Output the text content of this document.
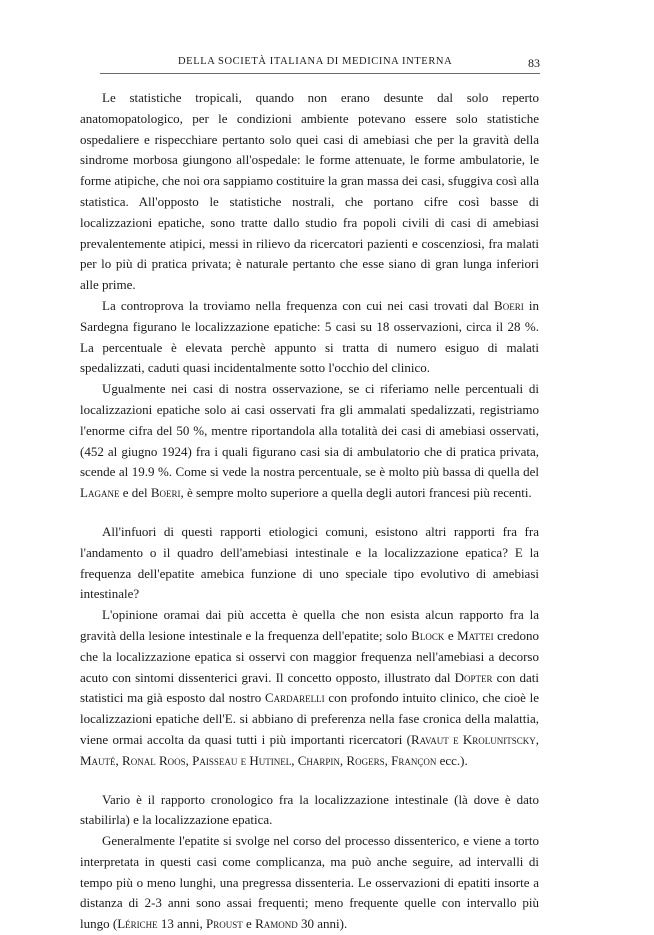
DELLA SOCIETÀ ITALIANA DI MEDICINA INTERNA	83

Le statistiche tropicali, quando non erano desunte dal solo reperto anatomopatologico, per le condizioni ambiente potevano essere solo statistiche ospedaliere e rispecchiare pertanto solo quei casi di amebiasi che per la gravità della sindrome morbosa giungono all'ospedale: le forme attenuate, le forme ambulatorie, le forme atipiche, che noi ora sappiamo costituire la gran massa dei casi, sfuggiva così alla statistica. All'opposto le statistiche nostrali, che portano cifre così basse di localizzazioni epatiche, sono tratte dallo studio fra popoli civili di casi di amebiasi prevalentemente atipici, messi in rilievo da ricercatori pazienti e coscenziosi, fra malati per lo più di pratica privata; è naturale pertanto che esse siano di gran lunga inferiori alle prime.

La controprova la troviamo nella frequenza con cui nei casi trovati dal Boeri in Sardegna figurano le localizzazione epatiche: 5 casi su 18 osservazioni, circa il 28 %. La percentuale è elevata perchè appunto si tratta di numero esiguo di malati spedalizzati, caduti quasi incidentalmente sotto l'occhio del clinico.

Ugualmente nei casi di nostra osservazione, se ci riferiamo nelle percentuali di localizzazioni epatiche solo ai casi osservati fra gli ammalati spedalizzati, registriamo l'enorme cifra del 50 %, mentre riportandola alla totalità dei casi di amebiasi osservati, (452 al giugno 1924) fra i quali figurano casi sia di ambulatorio che di pratica privata, scende al 19.9 %. Come si vede la nostra percentuale, se è molto più bassa di quella del Lagane e del Boeri, è sempre molto superiore a quella degli autori francesi più recenti.

All'infuori di questi rapporti etiologici comuni, esistono altri rapporti fra fra l'andamento o il quadro dell'amebiasi intestinale e la localizzazione epatica? E la frequenza dell'epatite amebica funzione di uno speciale tipo evolutivo di amebiasi intestinale?

L'opinione oramai dai più accetta è quella che non esista alcun rapporto fra la gravità della lesione intestinale e la frequenza dell'epatite; solo Block e Mattei credono che la localizzazione epatica si osservi con maggior frequenza nell'amebiasi a decorso acuto con sintomi dissenterici gravi. Il concetto opposto, illustrato dal Dopter con dati statistici ma già esposto dal nostro Cardarelli con profondo intuito clinico, che cioè le localizzazioni epatiche dell'E. si abbiano di preferenza nella fase cronica della malattia, viene ormai accolta da quasi tutti i più importanti ricercatori (Ravaut e Krolunitscky, Mauté, Ronal Roos, Paisseau e Hutinel, Charpin, Rogers, Françon ecc.).

Vario è il rapporto cronologico fra la localizzazione intestinale (là dove è dato stabilirla) e la localizzazione epatica.

Generalmente l'epatite si svolge nel corso del processo dissenterico, e viene a torto interpretata in questi casi come complicanza, ma può anche seguire, ad intervalli di tempo più o meno lunghi, una pregressa dissenteria. Le osservazioni di epatiti insorte a distanza di 2-3 anni sono assai frequenti; meno frequente quelle con intervallo più lungo (Lériche 13 anni, Proust e Ramond 30 anni).
